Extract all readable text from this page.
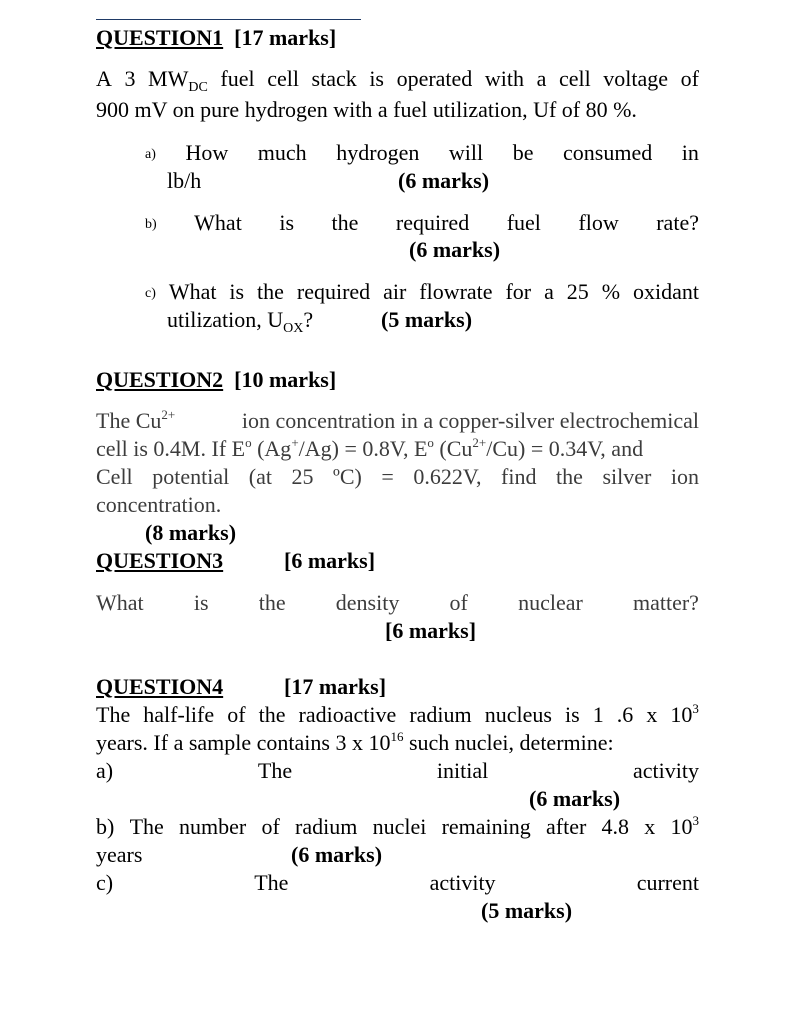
QUESTION1 [17 marks]
A 3 $MW_{DC}$ fuel cell stack is operated with a cell voltage of
900 mV on pure hydrogen with a fuel utilization, Uf of 80 %.
a) How much hydrogen will be consumed in
lb/h	(6 marks)
b) What is the required fuel flow rate?
(6 marks)
c) What is the required air flowrate for a 25 % oxidant
utilization, $U_{OX}$?	(5 marks)
QUESTION2 [10 marks]
The $Cu^{2+}$	ion concentration in a copper-silver electrochemical
cell is 0.4M. If $E^o$ (Ag+/Ag) = 0.8V, $E^o$ $(Cu^{2+}/Cu) = 0.34V$, and
Cell potential (at 25 ºC) = 0.622V, find the silver ion
concentration.
(8 marks)
QUESTION3	[6 marks]
What is the density of nuclear matter?
[6 marks]
QUESTION4	[17 marks]
The half-life of the radioactive radium nucleus is 1 .6 x $10^3$
years. If a sample contains 3 x $10^{16}$ such nuclei, determine:
a)	The	initial	activity
(6 marks)
b) The number of radium nuclei remaining after 4.8 x $10^3$
years	(6 marks)
c)	The	activity	current
(5 marks)
